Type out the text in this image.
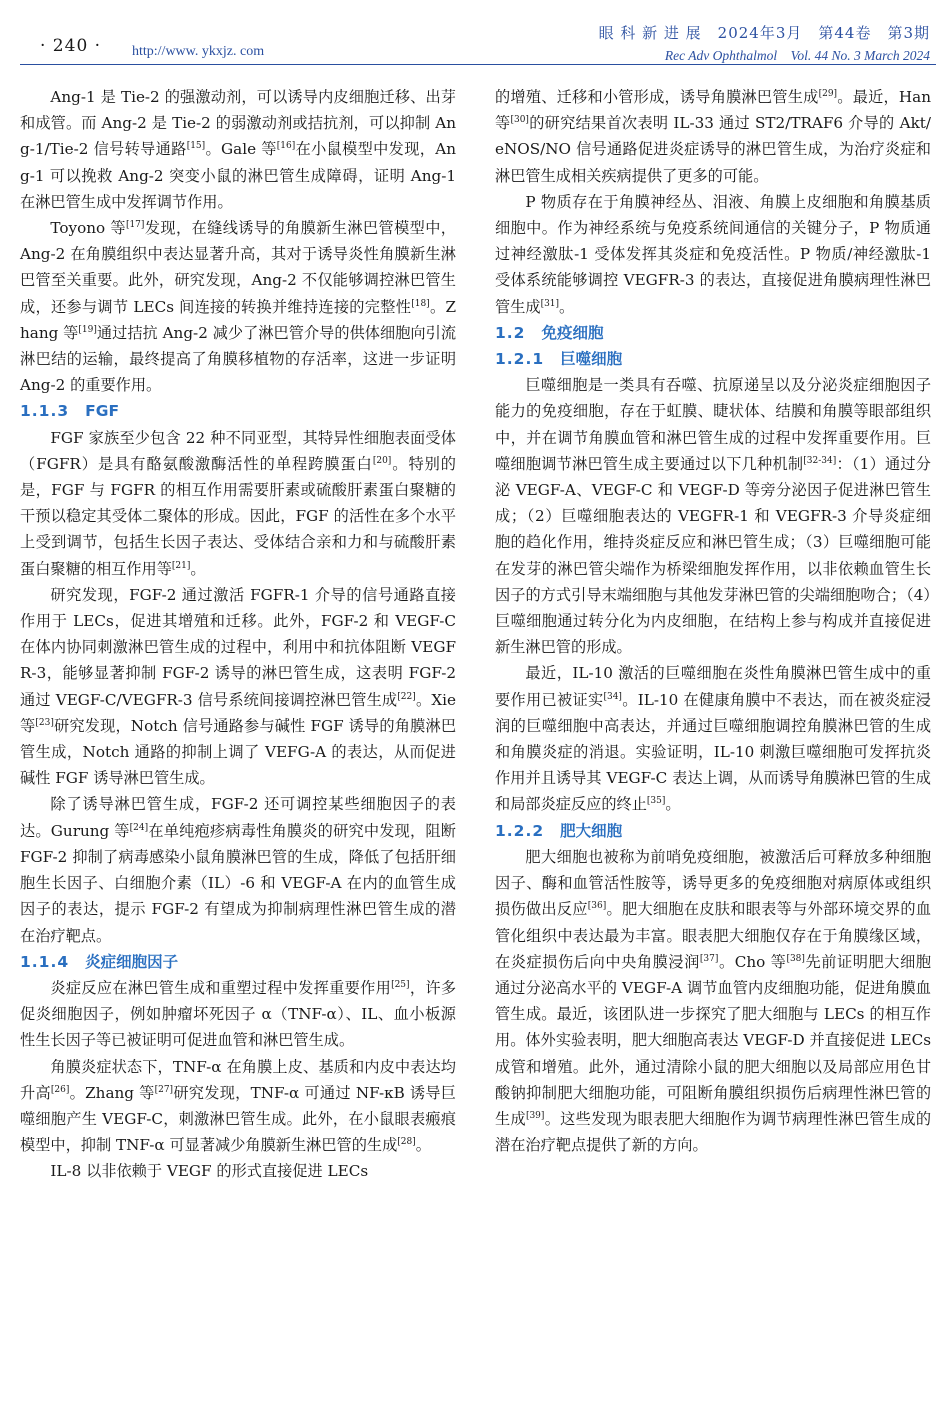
· 240 · http://www. ykxjz. com
眼 科 新 进 展　2024年3月　第44卷　第3期
Rec Adv Ophthalmol　Vol. 44 No. 3 March 2024

Ang-1 是 Tie-2 的强激动剂，可以诱导内皮细胞迁移、出芽和成管。而 Ang-2 是 Tie-2 的弱激动剂或拮抗剂，可以抑制 Ang-1/Tie-2 信号转导通路[15]。Gale 等[16]在小鼠模型中发现，Ang-1 可以挽救 Ang-2 突变小鼠的淋巴管生成障碍，证明 Ang-1 在淋巴管生成中发挥调节作用。

Toyono 等[17]发现，在缝线诱导的角膜新生淋巴管模型中，Ang-2 在角膜组织中表达显著升高，其对于诱导炎性角膜新生淋巴管至关重要。此外，研究发现，Ang-2 不仅能够调控淋巴管生成，还参与调节 LECs 间连接的转换并维持连接的完整性[18]。Zhang 等[19]通过拮抗 Ang-2 减少了淋巴管介导的供体细胞向引流淋巴结的运输，最终提高了角膜移植物的存活率，这进一步证明 Ang-2 的重要作用。

1.1.3 FGF

FGF 家族至少包含 22 种不同亚型，其特异性细胞表面受体（FGFR）是具有酪氨酸激酶活性的单程跨膜蛋白[20]。特别的是，FGF 与 FGFR 的相互作用需要肝素或硫酸肝素蛋白聚糖的干预以稳定其受体二聚体的形成。因此，FGF 的活性在多个水平上受到调节，包括生长因子表达、受体结合亲和力和与硫酸肝素蛋白聚糖的相互作用等[21]。

研究发现，FGF-2 通过激活 FGFR-1 介导的信号通路直接作用于 LECs，促进其增殖和迁移。此外，FGF-2 和 VEGF-C 在体内协同刺激淋巴管生成的过程中，利用中和抗体阻断 VEGFR-3，能够显著抑制 FGF-2 诱导的淋巴管生成，这表明 FGF-2 通过 VEGF-C/VEGFR-3 信号系统间接调控淋巴管生成[22]。Xie 等[23]研究发现，Notch 信号通路参与碱性 FGF 诱导的角膜淋巴管生成，Notch 通路的抑制上调了 VEFG-A 的表达，从而促进碱性 FGF 诱导淋巴管生成。

除了诱导淋巴管生成，FGF-2 还可调控某些细胞因子的表达。Gurung 等[24]在单纯疱疹病毒性角膜炎的研究中发现，阻断 FGF-2 抑制了病毒感染小鼠角膜淋巴管的生成，降低了包括肝细胞生长因子、白细胞介素（IL）-6 和 VEGF-A 在内的血管生成因子的表达，提示 FGF-2 有望成为抑制病理性淋巴管生成的潜在治疗靶点。

1.1.4 炎症细胞因子

炎症反应在淋巴管生成和重塑过程中发挥重要作用[25]，许多促炎细胞因子，例如肿瘤坏死因子 α（TNF-α）、IL、血小板源性生长因子等已被证明可促进血管和淋巴管生成。

角膜炎症状态下，TNF-α 在角膜上皮、基质和内皮中表达均升高[26]。Zhang 等[27]研究发现，TNF-α 可通过 NF-κB 诱导巨噬细胞产生 VEGF-C，刺激淋巴管生成。此外，在小鼠眼表瘢痕模型中，抑制 TNF-α 可显著减少角膜新生淋巴管的生成[28]。

IL-8 以非依赖于 VEGF 的形式直接促进 LECs

的增殖、迁移和小管形成，诱导角膜淋巴管生成[29]。最近，Han 等[30]的研究结果首次表明 IL-33 通过 ST2/TRAF6 介导的 Akt/eNOS/NO 信号通路促进炎症诱导的淋巴管生成，为治疗炎症和淋巴管生成相关疾病提供了更多的可能。

P 物质存在于角膜神经丛、泪液、角膜上皮细胞和角膜基质细胞中。作为神经系统与免疫系统间通信的关键分子，P 物质通过神经激肽-1 受体发挥其炎症和免疫活性。P 物质/神经激肽-1 受体系统能够调控 VEGFR-3 的表达，直接促进角膜病理性淋巴管生成[31]。

1.2 免疫细胞
1.2.1 巨噬细胞

巨噬细胞是一类具有吞噬、抗原递呈以及分泌炎症细胞因子能力的免疫细胞，存在于虹膜、睫状体、结膜和角膜等眼部组织中，并在调节角膜血管和淋巴管生成的过程中发挥重要作用。巨噬细胞调节淋巴管生成主要通过以下几种机制[32-34]：（1）通过分泌 VEGF-A、VEGF-C 和 VEGF-D 等旁分泌因子促进淋巴管生成；（2）巨噬细胞表达的 VEGFR-1 和 VEGFR-3 介导炎症细胞的趋化作用，维持炎症反应和淋巴管生成；（3）巨噬细胞可能在发芽的淋巴管尖端作为桥梁细胞发挥作用，以非依赖血管生长因子的方式引导末端细胞与其他发芽淋巴管的尖端细胞吻合；（4）巨噬细胞通过转分化为内皮细胞，在结构上参与构成并直接促进新生淋巴管的形成。

最近，IL-10 激活的巨噬细胞在炎性角膜淋巴管生成中的重要作用已被证实[34]。IL-10 在健康角膜中不表达，而在被炎症浸润的巨噬细胞中高表达，并通过巨噬细胞调控角膜淋巴管的生成和角膜炎症的消退。实验证明，IL-10 刺激巨噬细胞可发挥抗炎作用并且诱导其 VEGF-C 表达上调，从而诱导角膜淋巴管的生成和局部炎症反应的终止[35]。

1.2.2 肥大细胞

肥大细胞也被称为前哨免疫细胞，被激活后可释放多种细胞因子、酶和血管活性胺等，诱导更多的免疫细胞对病原体或组织损伤做出反应[36]。肥大细胞在皮肤和眼表等与外部环境交界的血管化组织中表达最为丰富。眼表肥大细胞仅存在于角膜缘区域，在炎症损伤后向中央角膜浸润[37]。Cho 等[38]先前证明肥大细胞通过分泌高水平的 VEGF-A 调节血管内皮细胞功能，促进角膜血管生成。最近，该团队进一步探究了肥大细胞与 LECs 的相互作用。体外实验表明，肥大细胞高表达 VEGF-D 并直接促进 LECs 成管和增殖。此外，通过清除小鼠的肥大细胞以及局部应用色甘酸钠抑制肥大细胞功能，可阻断角膜组织损伤后病理性淋巴管的生成[39]。这些发现为眼表肥大细胞作为调节病理性淋巴管生成的潜在治疗靶点提供了新的方向。
